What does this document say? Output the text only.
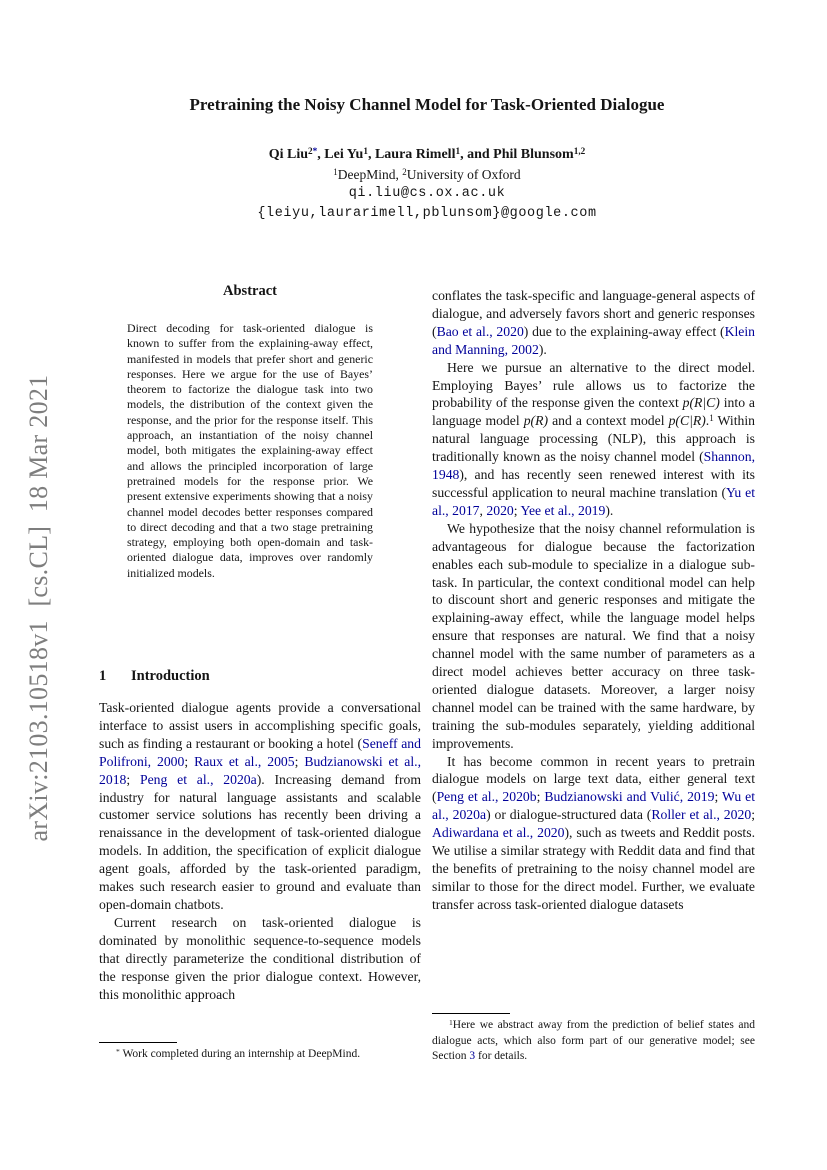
arXiv:2103.10518v1  [cs.CL]  18 Mar 2021
Pretraining the Noisy Channel Model for Task-Oriented Dialogue
Qi Liu$^{2*}$, Lei Yu$^1$, Laura Rimell$^1$, and Phil Blunsom$^{1,2}$
$^1$DeepMind, $^2$University of Oxford
qi.liu@cs.ox.ac.uk
{leiyu,laurarimell,pblunsom}@google.com
Abstract

Direct decoding for task-oriented dialogue is known to suffer from the explaining-away effect, manifested in models that prefer short and generic responses. Here we argue for the use of Bayes’ theorem to factorize the dialogue task into two models, the distribution of the context given the response, and the prior for the response itself. This approach, an instantiation of the noisy channel model, both mitigates the explaining-away effect and allows the principled incorporation of large pretrained models for the response prior. We present extensive experiments showing that a noisy channel model decodes better responses compared to direct decoding and that a two stage pretraining strategy, employing both open-domain and task-oriented dialogue data, improves over randomly initialized models.

1 Introduction

Task-oriented dialogue agents provide a conversational interface to assist users in accomplishing specific goals, such as finding a restaurant or booking a hotel (Seneff and Polifroni, 2000; Raux et al., 2005; Budzianowski et al., 2018; Peng et al., 2020a). Increasing demand from industry for natural language assistants and scalable customer service solutions has recently been driving a renaissance in the development of task-oriented dialogue models. In addition, the specification of explicit dialogue agent goals, afforded by the task-oriented paradigm, makes such research easier to ground and evaluate than open-domain chatbots.

Current research on task-oriented dialogue is dominated by monolithic sequence-to-sequence models that directly parameterize the conditional distribution of the response given the prior dialogue context. However, this monolithic approach

conflates the task-specific and language-general aspects of dialogue, and adversely favors short and generic responses (Bao et al., 2020) due to the explaining-away effect (Klein and Manning, 2002).

Here we pursue an alternative to the direct model. Employing Bayes’ rule allows us to factorize the probability of the response given the context p(R|C) into a language model p(R) and a context model p(C|R).$^1$ Within natural language processing (NLP), this approach is traditionally known as the noisy channel model (Shannon, 1948), and has recently seen renewed interest with its successful application to neural machine translation (Yu et al., 2017, 2020; Yee et al., 2019).

We hypothesize that the noisy channel reformulation is advantageous for dialogue because the factorization enables each sub-module to specialize in a dialogue sub-task. In particular, the context conditional model can help to discount short and generic responses and mitigate the explaining-away effect, while the language model helps ensure that responses are natural. We find that a noisy channel model with the same number of parameters as a direct model achieves better accuracy on three task-oriented dialogue datasets. Moreover, a larger noisy channel model can be trained with the same hardware, by training the sub-modules separately, yielding additional improvements.

It has become common in recent years to pretrain dialogue models on large text data, either general text (Peng et al., 2020b; Budzianowski and Vulić, 2019; Wu et al., 2020a) or dialogue-structured data (Roller et al., 2020; Adiwardana et al., 2020), such as tweets and Reddit posts. We utilise a similar strategy with Reddit data and find that the benefits of pretraining to the noisy channel model are similar to those for the direct model. Further, we evaluate transfer across task-oriented dialogue datasets

* Work completed during an internship at DeepMind.

$^1$Here we abstract away from the prediction of belief states and dialogue acts, which also form part of our generative model; see Section 3 for details.
